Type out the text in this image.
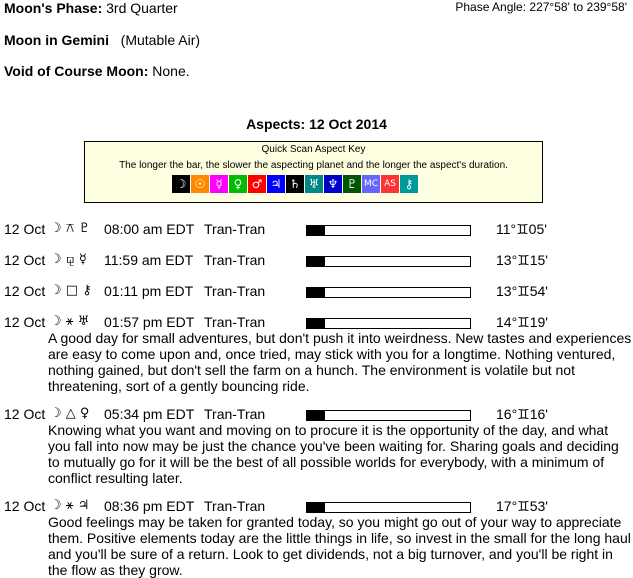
Moon's Phase: 3rd Quarter	Phase Angle: 227°58' to 239°58'
Moon in Gemini (Mutable Air)
Void of Course Moon: None.
Aspects: 12 Oct 2014
Quick Scan Aspect Key
The longer the bar, the slower the aspecting planet and the longer the aspect's duration.
☽ ☉ ☿ ♀ ♂ ♃ ♄ ♅ ♆ ♇ MC AS ⚷
12 Oct ☽ ⚻ ♇ 08:00 am EDT Tran-Tran	11°♊05'
12 Oct ☽ ⚼ ☿ 11:59 am EDT Tran-Tran	13°♊15'
12 Oct ☽ □ ⚷ 01:11 pm EDT Tran-Tran	13°♊54'
12 Oct ☽ ⚹ ♅ 01:57 pm EDT Tran-Tran	14°♊19'
A good day for small adventures, but don't push it into weirdness. New tastes and experiences are easy to come upon and, once tried, may stick with you for a longtime. Nothing ventured, nothing gained, but don't sell the farm on a hunch. The environment is volatile but not threatening, sort of a gently bouncing ride.
12 Oct ☽ △ ♀ 05:34 pm EDT Tran-Tran	16°♊16'
Knowing what you want and moving on to procure it is the opportunity of the day, and what you fall into now may be just the chance you've been waiting for. Sharing goals and deciding to mutually go for it will be the best of all possible worlds for everybody, with a minimum of conflict resulting later.
12 Oct ☽ ⚹ ♃ 08:36 pm EDT Tran-Tran	17°♊53'
Good feelings may be taken for granted today, so you might go out of your way to appreciate them. Positive elements today are the little things in life, so invest in the small for the long haul and you'll be sure of a return. Look to get dividends, not a big turnover, and you'll be right in the flow as they grow.
